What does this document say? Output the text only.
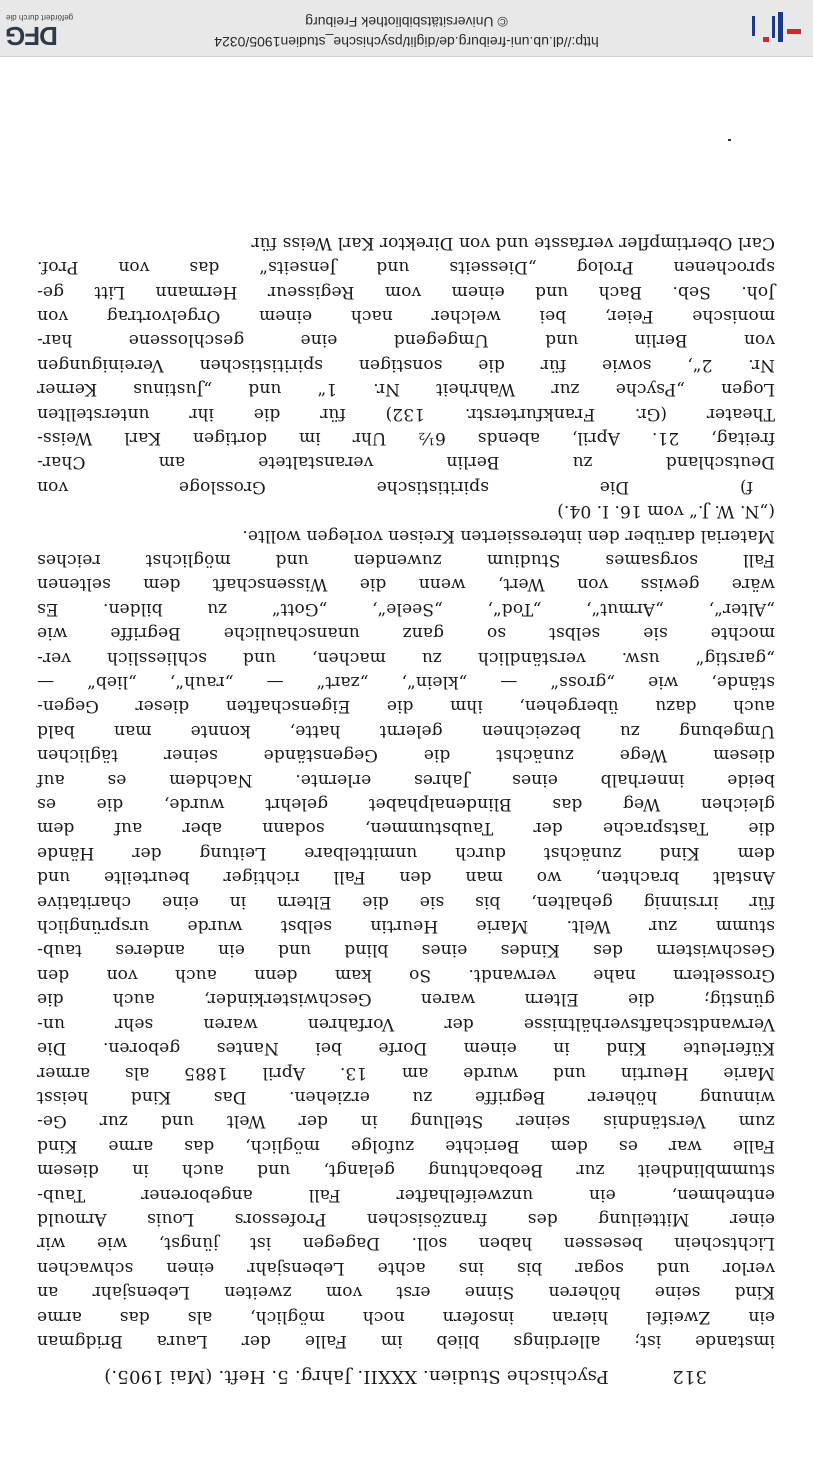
312
Psychische Studien. XXXII. Jahrg. 5. Heft. (Mai 1905.)

imstande ist; allerdings blieb im Falle der Laura Bridgman

ein Zweifel hieran insofern noch möglich, als das arme

Kind seine höheren Sinne erst vom zweiten Lebensjahr an

verlor und sogar bis ins achte Lebensjahr einen schwachen

Lichtschein besessen haben soll. Dagegen ist jüngst, wie wir

einer Mitteilung des französischen Professors Louis Arnould

entnehmen, ein unzweifelhafter Fall angeborener Taub-

stummblindheit zur Beobachtung gelangt, und auch in diesem

Falle war es dem Berichte zufolge möglich, das arme Kind

zum Verständnis seiner Stellung in der Welt und zur Ge-

winnung höherer Begriffe zu erziehen. Das Kind heisst

Marie Heurtin und wurde am 13. April 1885 als armer

Küferleute Kind in einem Dorfe bei Nantes geboren. Die

Verwandtschaftsverhältnisse der Vorfahren waren sehr un-

günstig; die Eltern waren Geschwisterkinder, auch die

Grosseltern nahe verwandt. So kam denn auch von den

Geschwistern des Kindes eines blind und ein anderes taub-

stumm zur Welt. Marie Heurtin selbst wurde ursprünglich

für irrsinnig gehalten, bis sie die Eltern in eine charitative

Anstalt brachten, wo man den Fall richtiger beurteilte und

dem Kind zunächst durch unmittelbare Leitung der Hände

die Tastsprache der Taubstummen, sodann aber auf dem

gleichen Weg das Blindenalphabet gelehrt wurde, die es

beide innerhalb eines Jahres erlernte. Nachdem es auf

diesem Wege zunächst die Gegenstände seiner täglichen

Umgebung zu bezeichnen gelernt hatte, konnte man bald

auch dazu übergehen, ihm die Eigenschaften dieser Gegen-

stände, wie „gross“ — „klein“, „zart“ — „rauh“, „lieb“ —

„garstig“ usw. verständlich zu machen, und schliesslich ver-

mochte sie selbst so ganz unanschauliche Begriffe wie

„Alter“, „Armut“, „Tod“, „Seele“, „Gott“ zu bilden. Es

wäre gewiss von Wert, wenn die Wissenschaft dem seltenen

Fall sorgsames Studium zuwenden und möglichst reiches

Material darüber den interessierten Kreisen vorlegen wollte.

(„N. W. J.“ vom 16. I. 04.)

f) Die spiritistische Grossloge von

Deutschland zu Berlin veranstaltete am Char-

freitag, 21. April, abends 6½ Uhr im dortigen Karl Weiss-

Theater (Gr. Frankfurterstr. 132) für die ihr unterstellten

Logen „Psyche zur Wahrheit Nr. 1“ und „Justinus Kerner

Nr. 2“, sowie für die sonstigen spiritistischen Vereinigungen

von Berlin und Umgegend eine geschlossene har-

monische Feier, bei welcher nach einem Orgelvortrag von

Joh. Seb. Bach und einem vom Regisseur Hermann Litt ge-

sprochenen Prolog „Diesseits und Jenseits“ das von Prof.

Carl Obertimpfler verfasste und von Direktor Karl Weiss für

http://dl.ub.uni-freiburg.de/diglit/psychische_studien1905/0324
© Universitätsbibliothek Freiburg
DFG
gefördert durch die
